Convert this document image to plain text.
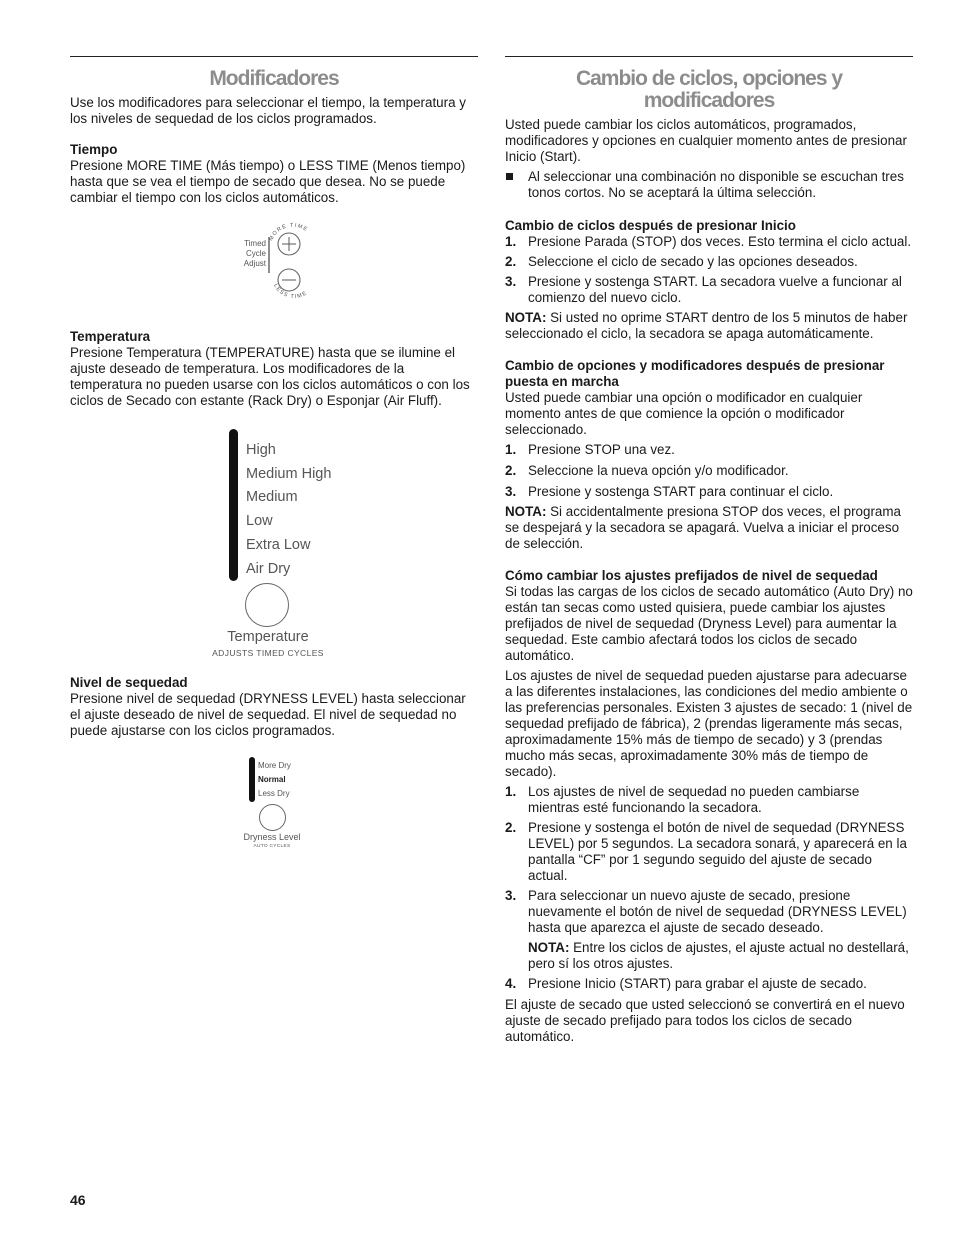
Modificadores

Use los modificadores para seleccionar el tiempo, la temperatura y los niveles de sequedad de los ciclos programados.

Tiempo

Presione MORE TIME (Más tiempo) o LESS TIME (Menos tiempo) hasta que se vea el tiempo de secado que desea. No se puede cambiar el tiempo con los ciclos automáticos.

MORE TIME
Timed
Cycle
Adjust
LESS TIME
Temperatura

Presione Temperatura (TEMPERATURE) hasta que se ilumine el ajuste deseado de temperatura. Los modificadores de la temperatura no pueden usarse con los ciclos automáticos o con los ciclos de Secado con estante (Rack Dry) o Esponjar (Air Fluff).

High
Medium High
Medium
Low
Extra Low
Air Dry
Temperature
ADJUSTS TIMED CYCLES
Nivel de sequedad

Presione nivel de sequedad (DRYNESS LEVEL) hasta seleccionar el ajuste deseado de nivel de sequedad. El nivel de sequedad no puede ajustarse con los ciclos programados.

More Dry
Normal
Less Dry
Dryness Level
AUTO CYCLES
Cambio de ciclos, opciones y
modificadores

Usted puede cambiar los ciclos automáticos, programados, modificadores y opciones en cualquier momento antes de presionar Inicio (Start).

Al seleccionar una combinación no disponible se escuchan tres tonos cortos. No se aceptará la última selección.
Cambio de ciclos después de presionar Inicio
1. Presione Parada (STOP) dos veces. Esto termina el ciclo actual.
2. Seleccione el ciclo de secado y las opciones deseados.
3. Presione y sostenga START. La secadora vuelve a funcionar al comienzo del nuevo ciclo.

NOTA: Si usted no oprime START dentro de los 5 minutos de haber seleccionado el ciclo, la secadora se apaga automáticamente.

Cambio de opciones y modificadores después de presionar puesta en marcha

Usted puede cambiar una opción o modificador en cualquier momento antes de que comience la opción o modificador seleccionado.

1. Presione STOP una vez.
2. Seleccione la nueva opción y/o modificador.
3. Presione y sostenga START para continuar el ciclo.

NOTA: Si accidentalmente presiona STOP dos veces, el programa se despejará y la secadora se apagará. Vuelva a iniciar el proceso de selección.

Cómo cambiar los ajustes prefijados de nivel de sequedad

Si todas las cargas de los ciclos de secado automático (Auto Dry) no están tan secas como usted quisiera, puede cambiar los ajustes prefijados de nivel de sequedad (Dryness Level) para aumentar la sequedad. Este cambio afectará todos los ciclos de secado automático.

Los ajustes de nivel de sequedad pueden ajustarse para adecuarse a las diferentes instalaciones, las condiciones del medio ambiente o las preferencias personales. Existen 3 ajustes de secado: 1 (nivel de sequedad prefijado de fábrica), 2 (prendas ligeramente más secas, aproximadamente 15% más de tiempo de secado) y 3 (prendas mucho más secas, aproximadamente 30% más de tiempo de secado).

1. Los ajustes de nivel de sequedad no pueden cambiarse mientras esté funcionando la secadora.
2. Presione y sostenga el botón de nivel de sequedad (DRYNESS LEVEL) por 5 segundos. La secadora sonará, y aparecerá en la pantalla “CF” por 1 segundo seguido del ajuste de secado actual.
3. Para seleccionar un nuevo ajuste de secado, presione nuevamente el botón de nivel de sequedad (DRYNESS LEVEL) hasta que aparezca el ajuste de secado deseado.

NOTA: Entre los ciclos de ajustes, el ajuste actual no destellará, pero sí los otros ajustes.

4. Presione Inicio (START) para grabar el ajuste de secado.

El ajuste de secado que usted seleccionó se convertirá en el nuevo ajuste de secado prefijado para todos los ciclos de secado automático.

46
